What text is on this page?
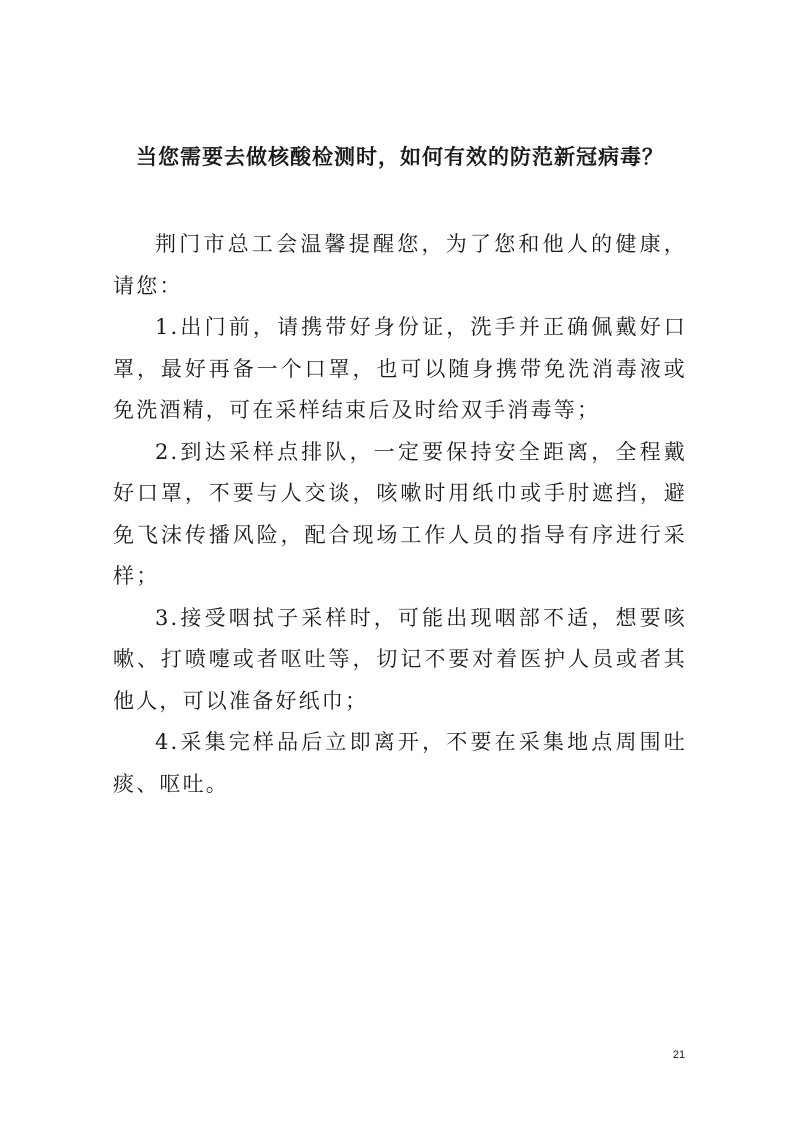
当您需要去做核酸检测时，如何有效的防范新冠病毒？

荆门市总工会温馨提醒您，为了您和他人的健康，请您：

1.出门前，请携带好身份证，洗手并正确佩戴好口罩，最好再备一个口罩，也可以随身携带免洗消毒液或免洗酒精，可在采样结束后及时给双手消毒等；

2.到达采样点排队，一定要保持安全距离，全程戴好口罩，不要与人交谈，咳嗽时用纸巾或手肘遮挡，避免飞沫传播风险，配合现场工作人员的指导有序进行采样；

3.接受咽拭子采样时，可能出现咽部不适，想要咳嗽、打喷嚏或者呕吐等，切记不要对着医护人员或者其他人，可以准备好纸巾；

4.采集完样品后立即离开，不要在采集地点周围吐痰、呕吐。

21
